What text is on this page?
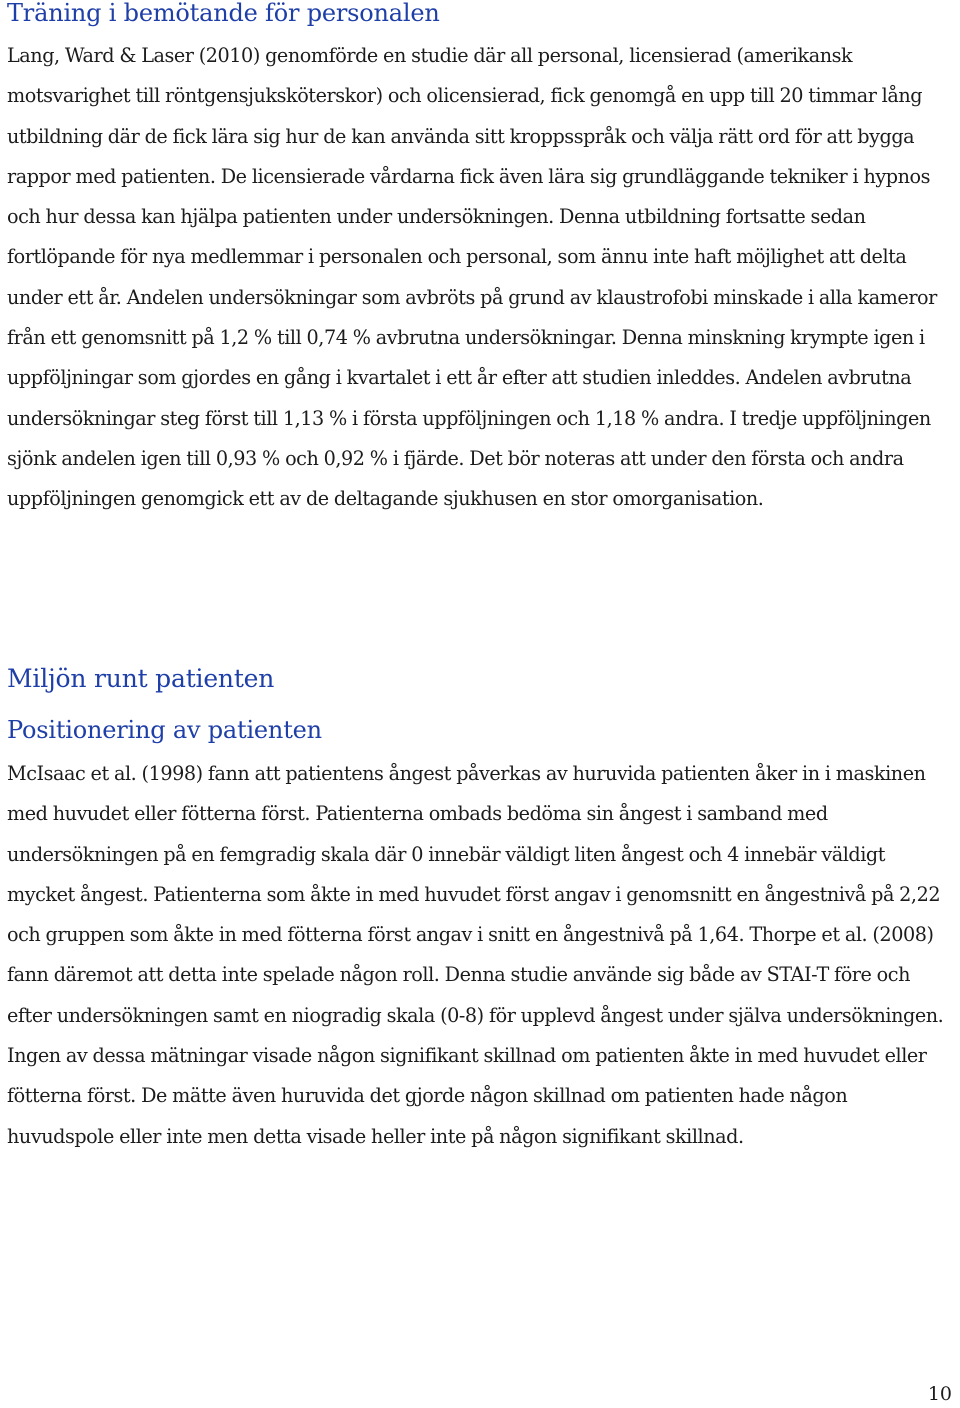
Träning i bemötande för personalen

Lang, Ward & Laser (2010) genomförde en studie där all personal, licensierad (amerikansk motsvarighet till röntgensjuksköterskor) och olicensierad, fick genomgå en upp till 20 timmar lång utbildning där de fick lära sig hur de kan använda sitt kroppsspråk och välja rätt ord för att bygga rappor med patienten. De licensierade vårdarna fick även lära sig grundläggande tekniker i hypnos och hur dessa kan hjälpa patienten under undersökningen. Denna utbildning fortsatte sedan fortlöpande för nya medlemmar i personalen och personal, som ännu inte haft möjlighet att delta under ett år. Andelen undersökningar som avbröts på grund av klaustrofobi minskade i alla kameror från ett genomsnitt på 1,2 % till 0,74 % avbrutna undersökningar. Denna minskning krympte igen i uppföljningar som gjordes en gång i kvartalet i ett år efter att studien inleddes. Andelen avbrutna undersökningar steg först till 1,13 % i första uppföljningen och 1,18 % andra. I tredje uppföljningen sjönk andelen igen till 0,93 % och 0,92 % i fjärde. Det bör noteras att under den första och andra uppföljningen genomgick ett av de deltagande sjukhusen en stor omorganisation.

Miljön runt patienten
Positionering av patienten

McIsaac et al. (1998) fann att patientens ångest påverkas av huruvida patienten åker in i maskinen med huvudet eller fötterna först. Patienterna ombads bedöma sin ångest i samband med undersökningen på en femgradig skala där 0 innebär väldigt liten ångest och 4 innebär väldigt mycket ångest. Patienterna som åkte in med huvudet först angav i genomsnitt en ångestnivå på 2,22 och gruppen som åkte in med fötterna först angav i snitt en ångestnivå på 1,64. Thorpe et al. (2008) fann däremot att detta inte spelade någon roll. Denna studie använde sig både av STAI-T före och efter undersökningen samt en niogradig skala (0-8) för upplevd ångest under själva undersökningen. Ingen av dessa mätningar visade någon signifikant skillnad om patienten åkte in med huvudet eller fötterna först. De mätte även huruvida det gjorde någon skillnad om patienten hade någon huvudspole eller inte men detta visade heller inte på någon signifikant skillnad.

10
